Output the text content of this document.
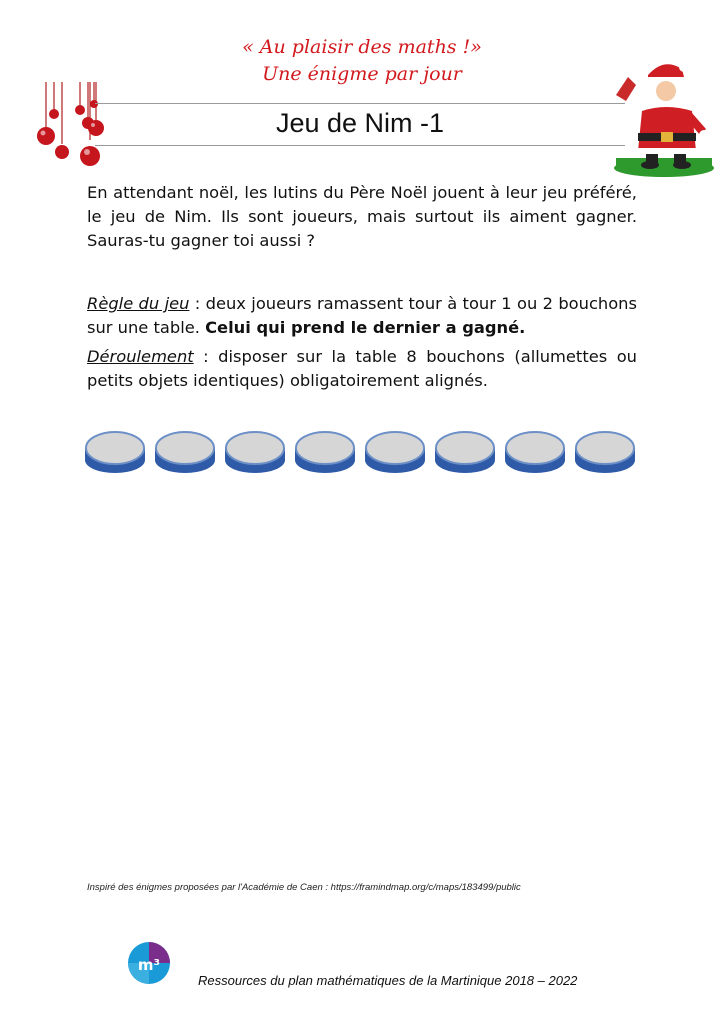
« Au plaisir des maths !»
Une énigme par jour
Jeu de Nim -1
En attendant noël, les lutins du Père Noël jouent à leur jeu préféré, le jeu de Nim. Ils sont joueurs, mais surtout ils aiment gagner. Sauras-tu gagner toi aussi ?
Règle du jeu : deux joueurs ramassent tour à tour 1 ou 2 bouchons sur une table. Celui qui prend le dernier a gagné.
Déroulement : disposer sur la table 8 bouchons (allumettes ou petits objets identiques) obligatoirement alignés.
Inspiré des énigmes proposées par l'Académie de Caen : https://framindmap.org/c/maps/183499/public
m³
Ressources du plan mathématiques de la Martinique 2018 – 2022
